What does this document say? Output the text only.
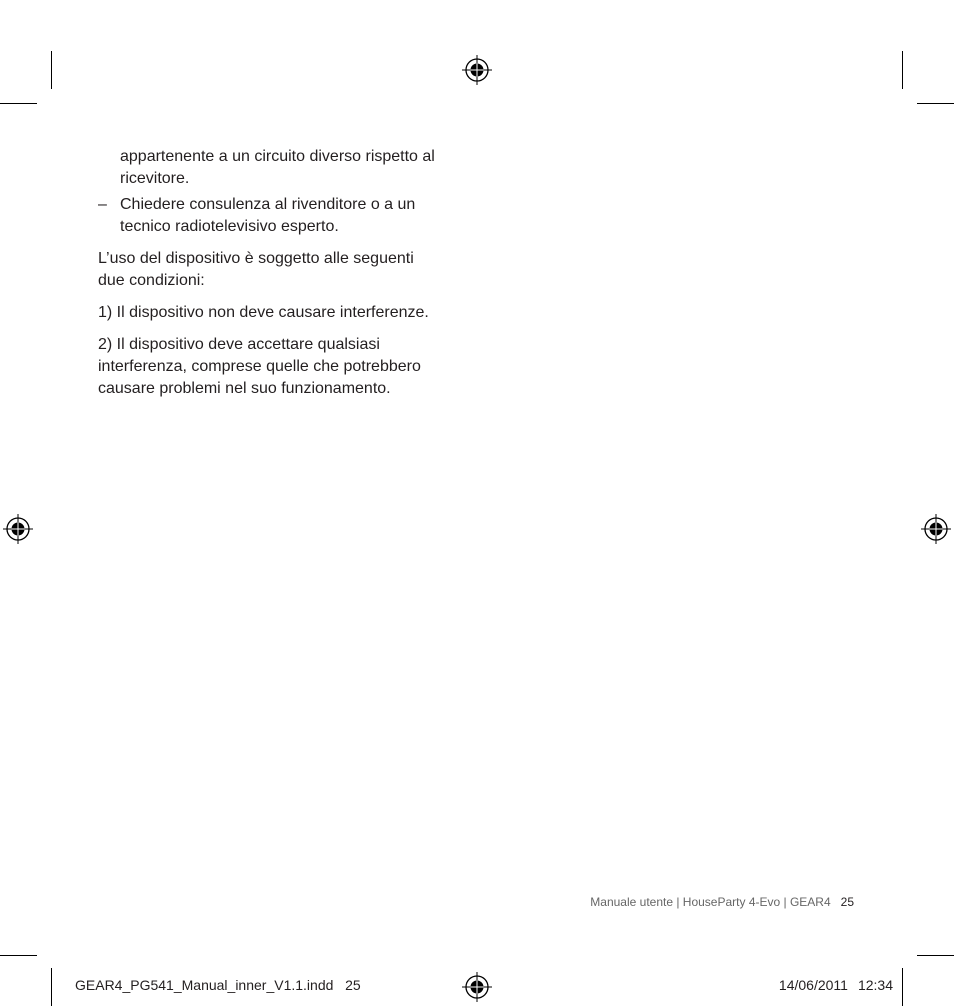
appartenente a un circuito diverso rispetto al
ricevitore.
– Chiedere consulenza al rivenditore o a un
tecnico radiotelevisivo esperto.
L’uso del dispositivo è soggetto alle seguenti
due condizioni:
1) Il dispositivo non deve causare interferenze.
2) Il dispositivo deve accettare qualsiasi
interferenza, comprese quelle che potrebbero
causare problemi nel suo funzionamento.
Manuale utente | HouseParty 4-Evo | GEAR4 25
GEAR4_PG541_Manual_inner_V1.1.indd   25	14/06/2011 12:34
